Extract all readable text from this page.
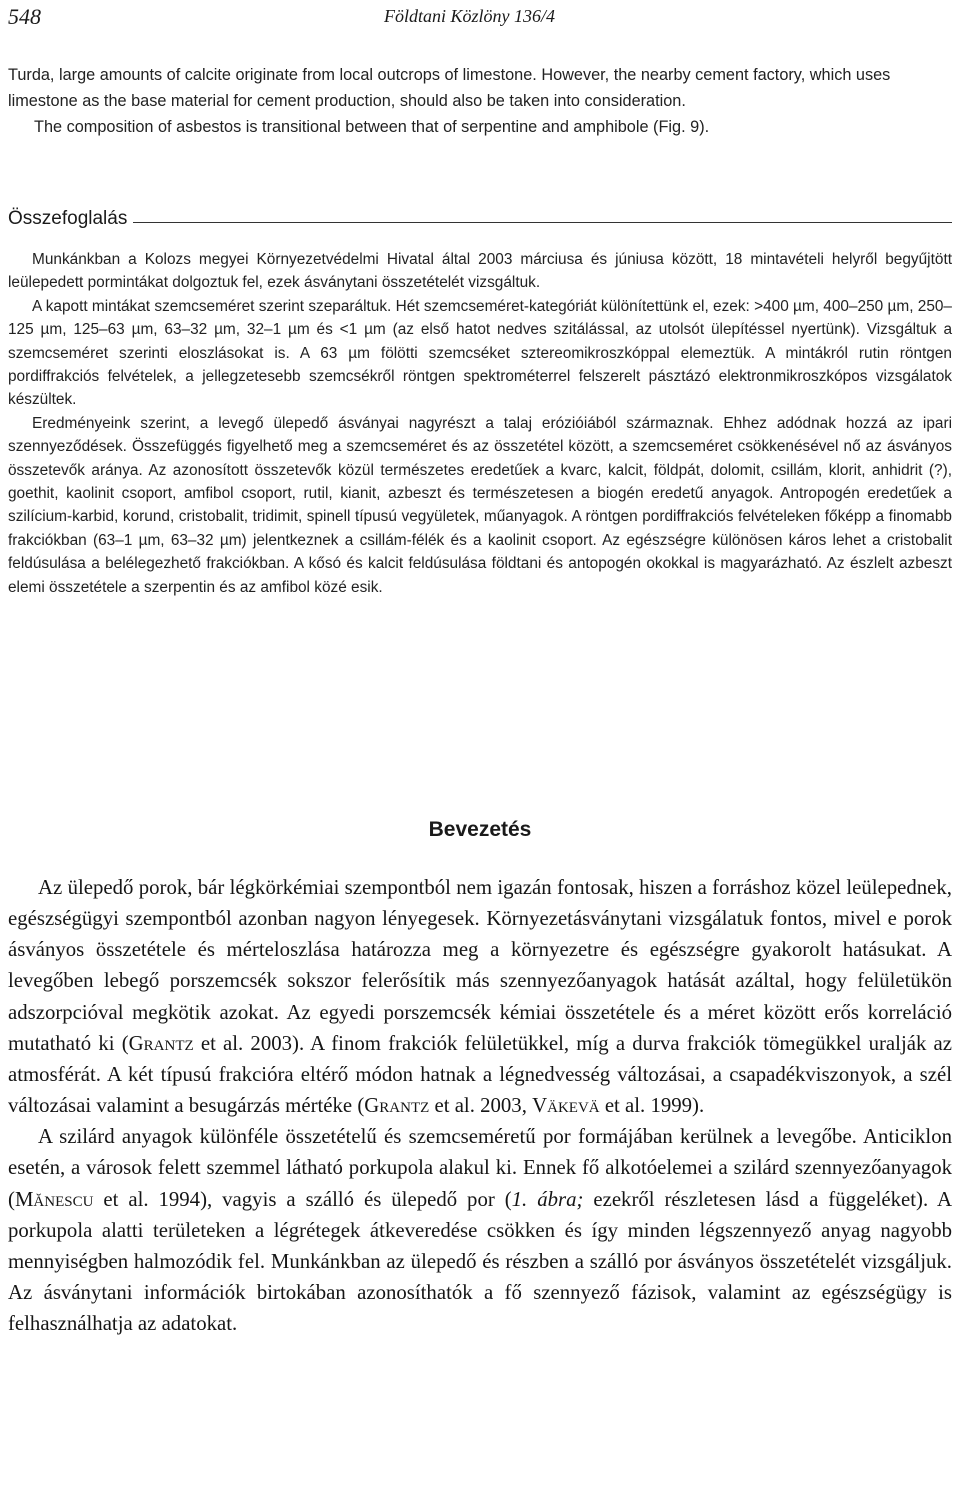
548	Földtani Közlöny 136/4

Turda, large amounts of calcite originate from local outcrops of limestone. However, the nearby cement factory, which uses limestone as the base material for cement production, should also be taken into consideration.

The composition of asbestos is transitional between that of serpentine and amphibole (Fig. 9).

Összefoglalás

Munkánkban a Kolozs megyei Környezetvédelmi Hivatal által 2003 márciusa és júniusa között, 18 mintavételi helyről begyűjtött leülepedett pormintákat dolgoztuk fel, ezek ásványtani összetételét vizsgáltuk.

A kapott mintákat szemcseméret szerint szeparáltuk. Hét szemcseméret-kategóriát különítettünk el, ezek: >400 µm, 400–250 µm, 250–125 µm, 125–63 µm, 63–32 µm, 32–1 µm és <1 µm (az első hatot nedves szitálással, az utolsót ülepítéssel nyertünk). Vizsgáltuk a szemcseméret szerinti eloszlásokat is. A 63 µm fölötti szemcséket sztereomikroszkóppal elemeztük. A mintákról rutin röntgen pordiffrakciós felvételek, a jellegzetesebb szemcsékről röntgen spektrométerrel felszerelt pásztázó elektronmikroszkópos vizsgálatok készültek.

Eredményeink szerint, a levegő ülepedő ásványai nagyrészt a talaj erózióiából származnak. Ehhez adódnak hozzá az ipari szennyeződések. Összefüggés figyelhető meg a szemcseméret és az összetétel között, a szemcseméret csökkenésével nő az ásványos összetevők aránya. Az azonosított összetevők közül természetes eredetűek a kvarc, kalcit, földpát, dolomit, csillám, klorit, anhidrit (?), goethit, kaolinit csoport, amfibol csoport, rutil, kianit, azbeszt és természetesen a biogén eredetű anyagok. Antropogén eredetűek a szilícium-karbid, korund, cristobalit, tridimit, spinell típusú vegyületek, műanyagok. A röntgen pordiffrakciós felvételeken főképp a finomabb frakciókban (63–1 µm, 63–32 µm) jelentkeznek a csillám-félék és a kaolinit csoport. Az egészségre különösen káros lehet a cristobalit feldúsulása a belélegezhető frakciókban. A kősó és kalcit feldúsulása földtani és antopogén okokkal is magyarázható. Az észlelt azbeszt elemi összetétele a szerpentin és az amfibol közé esik.

Bevezetés

Az ülepedő porok, bár légkörkémiai szempontból nem igazán fontosak, hiszen a forráshoz közel leülepednek, egészségügyi szempontból azonban nagyon lényegesek. Környezetásványtani vizsgálatuk fontos, mivel e porok ásványos összetétele és mérteloszlása határozza meg a környezetre és egészségre gyakorolt hatásukat. A levegőben lebegő porszemcsék sokszor felerősítik más szennyezőanyagok hatását azáltal, hogy felületükön adszorpcióval megkötik azokat. Az egyedi porszemcsék kémiai összetétele és a méret között erős korreláció mutatható ki (Grantz et al. 2003). A finom frakciók felületükkel, míg a durva frakciók tömegükkel uralják az atmosférát. A két típusú frakcióra eltérő módon hatnak a légnedvesség változásai, a csapadékviszonyok, a szél változásai valamint a besugárzás mértéke (Grantz et al. 2003, Väkevä et al. 1999).

A szilárd anyagok különféle összetételű és szemcseméretű por formájában kerülnek a levegőbe. Anticiklon esetén, a városok felett szemmel látható porkupola alakul ki. Ennek fő alkotóelemei a szilárd szennyezőanyagok (Mănescu et al. 1994), vagyis a szálló és ülepedő por (1. ábra; ezekről részletesen lásd a függeléket). A porkupola alatti területeken a légrétegek átkeveredése csökken és így minden légszennyező anyag nagyobb mennyiségben halmozódik fel. Munkánkban az ülepedő és részben a szálló por ásványos összetételét vizsgáljuk. Az ásványtani információk birtokában azonosíthatók a fő szennyező fázisok, valamint az egészségügy is felhasználhatja az adatokat.
